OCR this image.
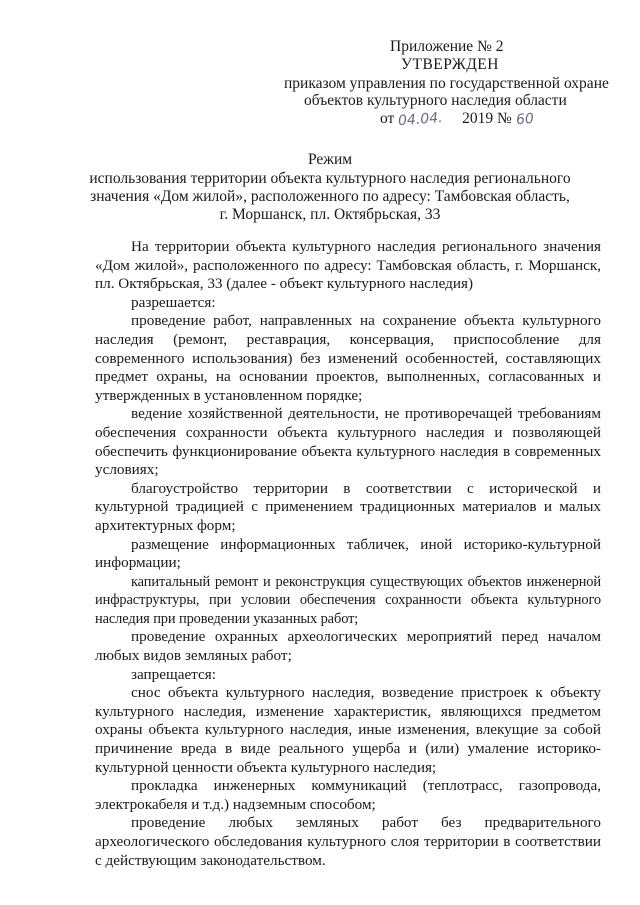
Приложение № 2
УТВЕРЖДЕН
приказом управления по государственной охране
объектов культурного наследия области
от 04.04. 2019 № 60
Режим
использования территории объекта культурного наследия регионального
значения «Дом жилой», расположенного по адресу: Тамбовская область,
г. Моршанск, пл. Октябрьская, 33

На территории объекта культурного наследия регионального значения «Дом жилой», расположенного по адресу: Тамбовская область, г. Моршанск, пл. Октябрьская, 33 (далее - объект культурного наследия)

разрешается:

проведение работ, направленных на сохранение объекта культурного наследия (ремонт, реставрация, консервация, приспособление для современного использования) без изменений особенностей, составляющих предмет охраны, на основании проектов, выполненных, согласованных и утвержденных в установленном порядке;

ведение хозяйственной деятельности, не противоречащей требованиям обеспечения сохранности объекта культурного наследия и позволяющей обеспечить функционирование объекта культурного наследия в современных условиях;

благоустройство территории в соответствии с исторической и культурной традицией с применением традиционных материалов и малых архитектурных форм;

размещение информационных табличек, иной историко-культурной информации;

капитальный ремонт и реконструкция существующих объектов инженерной инфраструктуры, при условии обеспечения сохранности объекта культурного наследия при проведении указанных работ;

проведение охранных археологических мероприятий перед началом любых видов земляных работ;

запрещается:

снос объекта культурного наследия, возведение пристроек к объекту культурного наследия, изменение характеристик, являющихся предметом охраны объекта культурного наследия, иные изменения, влекущие за собой причинение вреда в виде реального ущерба и (или) умаление историко-культурной ценности объекта культурного наследия;

прокладка инженерных коммуникаций (теплотрасс, газопровода, электрокабеля и т.д.) надземным способом;

проведение любых земляных работ без предварительного археологического обследования культурного слоя территории в соответствии с действующим законодательством.
